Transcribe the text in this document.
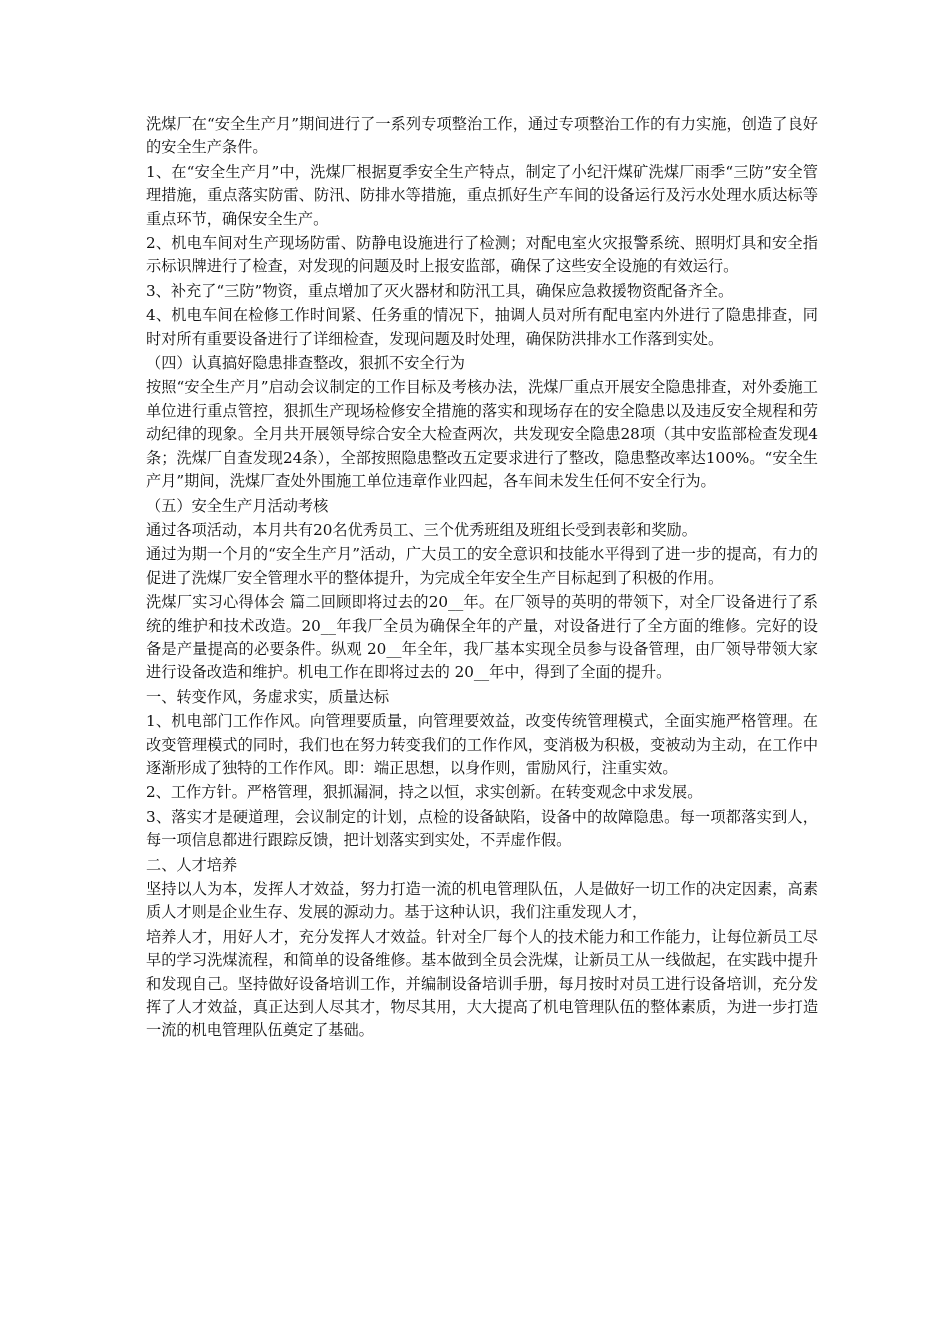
洗煤厂在“安全生产月”期间进行了一系列专项整治工作，通过专项整治工作的有力实施，创造了良好的安全生产条件。

1、在“安全生产月”中，洗煤厂根据夏季安全生产特点，制定了小纪汗煤矿洗煤厂雨季“三防”安全管理措施，重点落实防雷、防汛、防排水等措施，重点抓好生产车间的设备运行及污水处理水质达标等重点环节，确保安全生产。

2、机电车间对生产现场防雷、防静电设施进行了检测；对配电室火灾报警系统、照明灯具和安全指示标识牌进行了检查，对发现的问题及时上报安监部，确保了这些安全设施的有效运行。

3、补充了“三防”物资，重点增加了灭火器材和防汛工具，确保应急救援物资配备齐全。

4、机电车间在检修工作时间紧、任务重的情况下，抽调人员对所有配电室内外进行了隐患排查，同时对所有重要设备进行了详细检查，发现问题及时处理，确保防洪排水工作落到实处。

（四）认真搞好隐患排查整改，狠抓不安全行为

按照“安全生产月”启动会议制定的工作目标及考核办法，洗煤厂重点开展安全隐患排查，对外委施工单位进行重点管控，狠抓生产现场检修安全措施的落实和现场存在的安全隐患以及违反安全规程和劳动纪律的现象。全月共开展领导综合安全大检查两次，共发现安全隐患28项（其中安监部检查发现4条；洗煤厂自查发现24条），全部按照隐患整改五定要求进行了整改，隐患整改率达100%。“安全生产月”期间，洗煤厂查处外围施工单位违章作业四起，各车间未发生任何不安全行为。

（五）安全生产月活动考核

通过各项活动，本月共有20名优秀员工、三个优秀班组及班组长受到表彰和奖励。

通过为期一个月的“安全生产月”活动，广大员工的安全意识和技能水平得到了进一步的提高，有力的促进了洗煤厂安全管理水平的整体提升，为完成全年安全生产目标起到了积极的作用。

洗煤厂实习心得体会 篇二回顾即将过去的20__年。在厂领导的英明的带领下，对全厂设备进行了系统的维护和技术改造。20__年我厂全员为确保全年的产量，对设备进行了全方面的维修。完好的设备是产量提高的必要条件。纵观 20__年全年，我厂基本实现全员参与设备管理，由厂领导带领大家进行设备改造和维护。机电工作在即将过去的 20__年中，得到了全面的提升。

一、转变作风，务虚求实，质量达标

1、机电部门工作作风。向管理要质量，向管理要效益，改变传统管理模式，全面实施严格管理。在改变管理模式的同时，我们也在努力转变我们的工作作风，变消极为积极，变被动为主动，在工作中逐渐形成了独特的工作作风。即：端正思想，以身作则，雷励风行，注重实效。

2、工作方针。严格管理，狠抓漏洞，持之以恒，求实创新。在转变观念中求发展。

3、落实才是硬道理，会议制定的计划，点检的设备缺陷，设备中的故障隐患。每一项都落实到人，每一项信息都进行跟踪反馈，把计划落实到实处，不弄虚作假。

二、人才培养

坚持以人为本，发挥人才效益，努力打造一流的机电管理队伍，人是做好一切工作的决定因素，高素质人才则是企业生存、发展的源动力。基于这种认识，我们注重发现人才，

培养人才，用好人才，充分发挥人才效益。针对全厂每个人的技术能力和工作能力，让每位新员工尽早的学习洗煤流程，和简单的设备维修。基本做到全员会洗煤，让新员工从一线做起，在实践中提升和发现自己。坚持做好设备培训工作，并编制设备培训手册，每月按时对员工进行设备培训，充分发挥了人才效益，真正达到人尽其才，物尽其用，大大提高了机电管理队伍的整体素质，为进一步打造一流的机电管理队伍奠定了基础。
